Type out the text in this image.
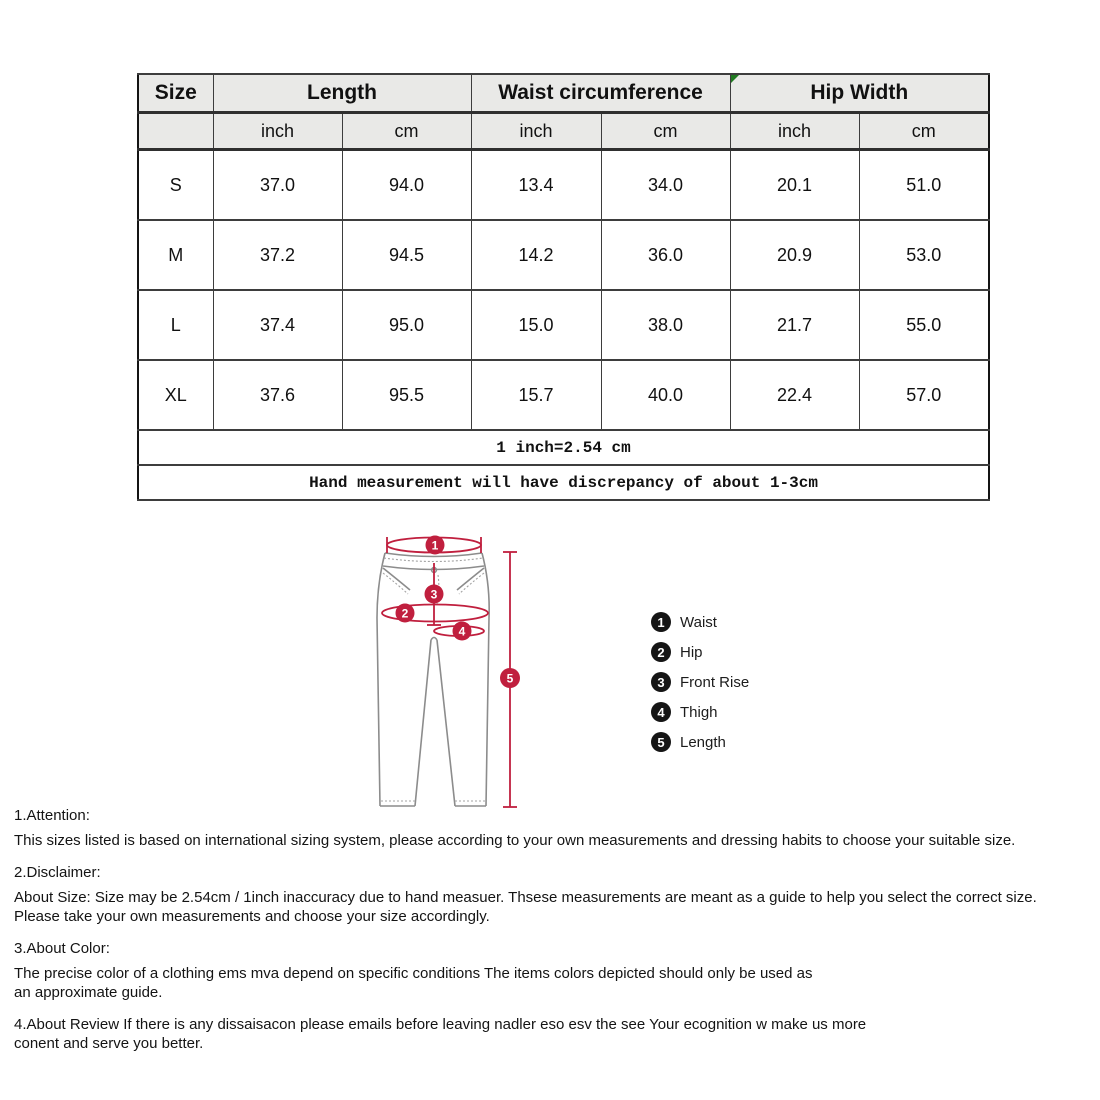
Size	Length		Waist circumference		Hip Width	
	inch	cm	inch	cm	inch	cm
S	37.0	94.0	13.4	34.0	20.1	51.0
M	37.2	94.5	14.2	36.0	20.9	53.0
L	37.4	95.0	15.0	38.0	21.7	55.0
XL	37.6	95.5	15.7	40.0	22.4	57.0
1 inch=2.54 cm						
Hand measurement will have discrepancy of about 1-3cm						
1
2
3
4
5
1	Waist
2	Hip
3	Front Rise
4	Thigh
5	Length

1.Attention:

This sizes listed is based on international sizing system, please according to your own measurements and dressing habits to choose your suitable size.

2.Disclaimer:

About Size: Size may be 2.54cm / 1inch inaccuracy due to hand measuer. Thsese measurements are meant as a guide to help you select the correct size.

Please take your own measurements and choose your size accordingly.

3.About Color:

The precise color of a clothing ems mva depend on specific conditions The items colors depicted should only be used as

an approximate guide.

4.About Review If there is any dissaisacon please emails before leaving nadler eso esv the see Your ecognition w make us more

conent and serve you better.
